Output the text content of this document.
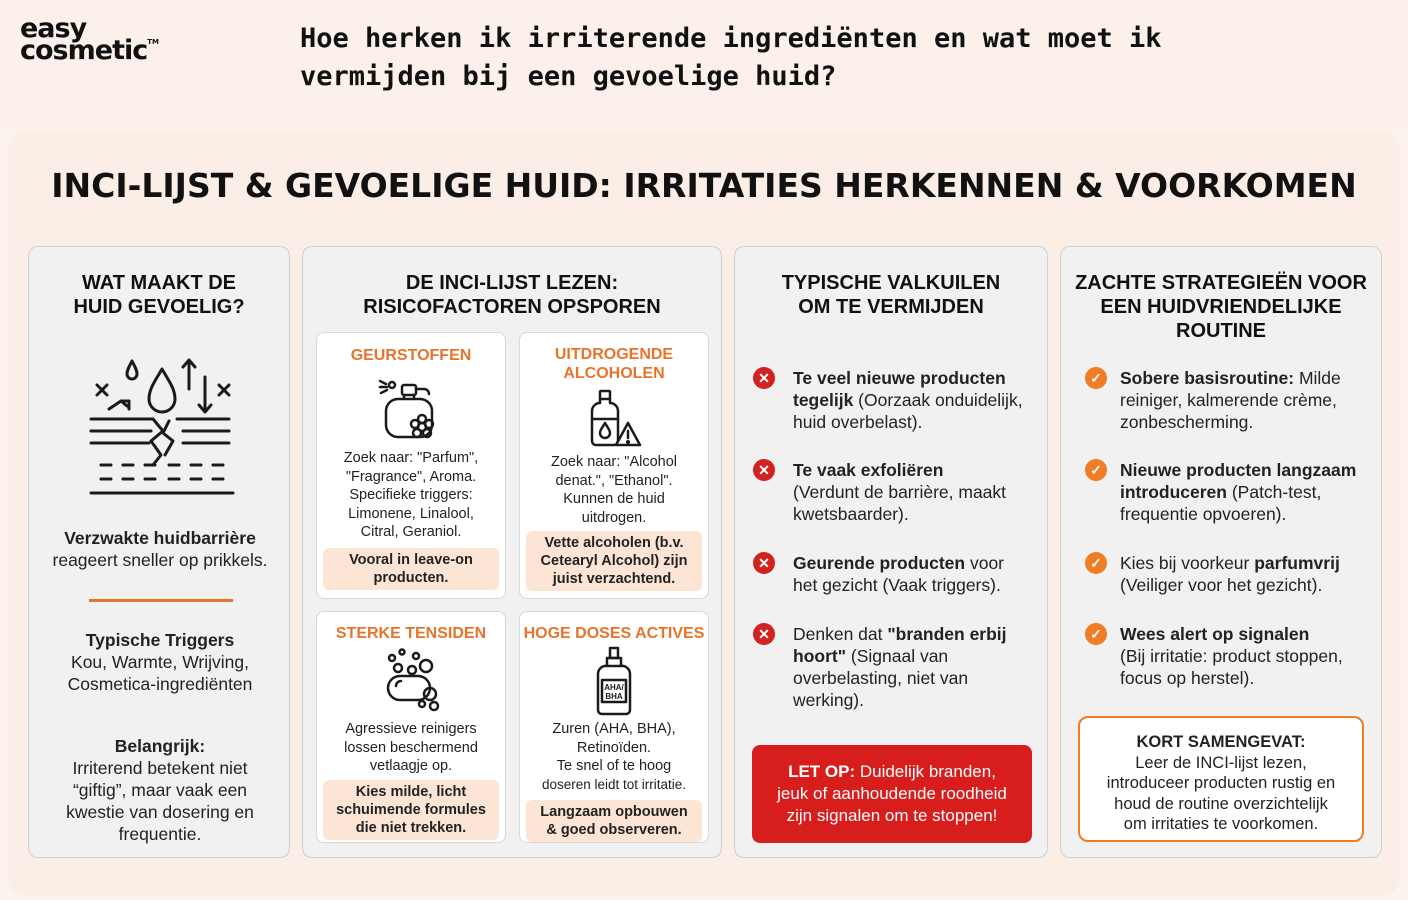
easy
cosmetic™	Hoe herken ik irriterende ingrediënten en wat moet ik vermijden bij een gevoelige huid?
INCI-LIJST & GEVOELIGE HUID: IRRITATIES HERKENNEN & VOORKOMEN
WAT MAAKT DE
HUID GEVOELIG?
Verzwakte huidbarrière
reageert sneller op prikkels.
Typische Triggers
Kou, Warmte, Wrijving,
Cosmetica-ingrediënten
Belangrijk:
Irriterend betekent niet
“giftig”, maar vaak een
kwestie van dosering en
frequentie.
DE INCI-LIJST LEZEN:
RISICOFACTOREN OPSPOREN
GEURSTOFFEN
Zoek naar: "Parfum",
"Fragrance", Aroma.
Specifieke triggers:
Limonene, Linalool,
Citral, Geraniol.
Vooral in leave-on
producten.
UITDROGENDE
ALCOHOLEN
Zoek naar: "Alcohol
denat.", "Ethanol".
Kunnen de huid
uitdrogen.
Vette alcoholen (b.v.
Cetearyl Alcohol) zijn
juist verzachtend.
STERKE TENSIDEN
Agressieve reinigers
lossen beschermend
vetlaagje op.
Kies milde, licht
schuimende formules
die niet trekken.
HOGE DOSES ACTIVES
AHA/
BHA
Zuren (AHA, BHA),
Retinoïden.
Te snel of te hoog
doseren leidt tot irritatie.
Langzaam opbouwen
& goed observeren.
TYPISCHE VALKUILEN
OM TE VERMIJDEN
✕ Te veel nieuwe producten
tegelijk (Oorzaak onduidelijk,
huid overbelast).
✕ Te vaak exfoliëren
(Verdunt de barrière, maakt
kwetsbaarder).
✕ Geurende producten voor
het gezicht (Vaak triggers).
✕ Denken dat "branden erbij
hoort" (Signaal van
overbelasting, niet van
werking).
LET OP: Duidelijk branden,
jeuk of aanhoudende roodheid
zijn signalen om te stoppen!
ZACHTE STRATEGIEËN VOOR
EEN HUIDVRIENDELIJKE
ROUTINE
✓ Sobere basisroutine: Milde
reiniger, kalmerende crème,
zonbescherming.
✓ Nieuwe producten langzaam
introduceren (Patch-test,
frequentie opvoeren).
✓ Kies bij voorkeur parfumvrij
(Veiliger voor het gezicht).
✓ Wees alert op signalen
(Bij irritatie: product stoppen,
focus op herstel).
KORT SAMENGEVAT:
Leer de INCI-lijst lezen,
introduceer producten rustig en
houd de routine overzichtelijk
om irritaties te voorkomen.
